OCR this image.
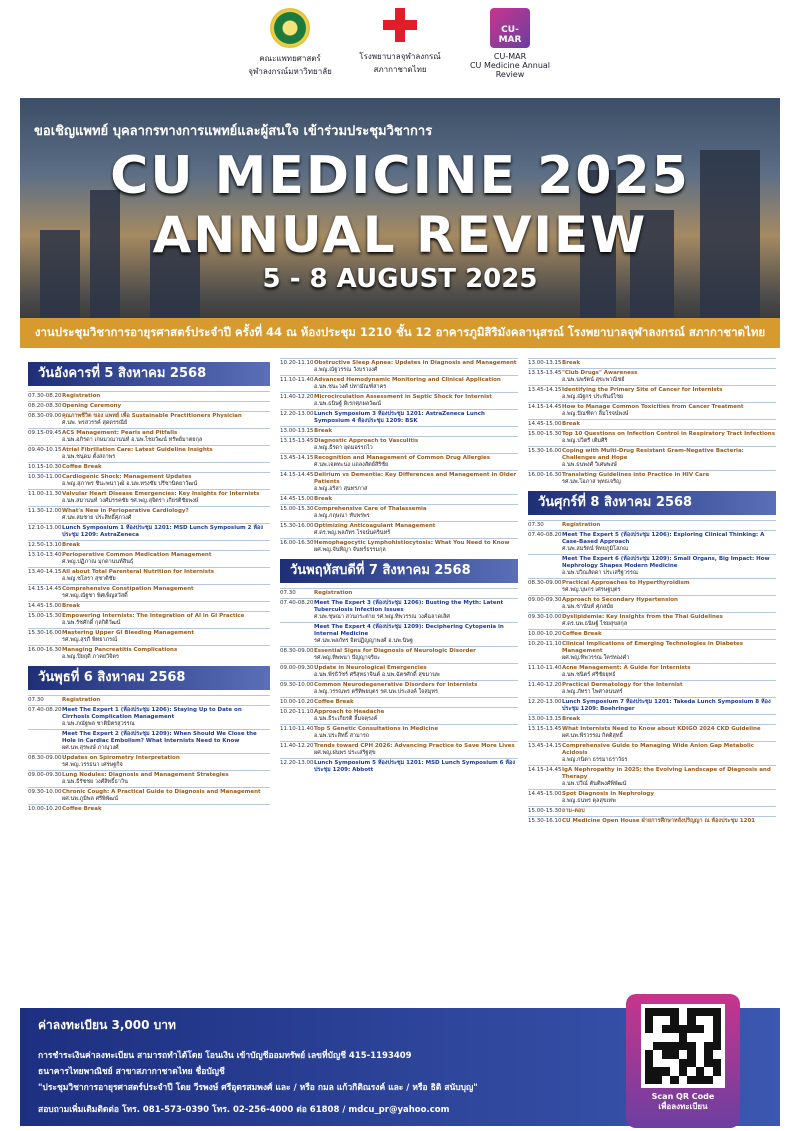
คณะแพทยศาสตร์
จุฬาลงกรณ์มหาวิทยาลัย
โรงพยาบาลจุฬาลงกรณ์
สภากาชาดไทย
CU-MAR
CU-MAR
CU Medicine Annual Review
ขอเชิญแพทย์ บุคลากรทางการแพทย์และผู้สนใจ เข้าร่วมประชุมวิชาการ
CU MEDICINE 2025
ANNUAL REVIEW
5 - 8 AUGUST 2025
งานประชุมวิชาการอายุรศาสตร์ประจำปี ครั้งที่ 44 ณ ห้องประชุม 1210 ชั้น 12 อาคารภูมิสิริมังคลานุสรณ์ โรงพยาบาลจุฬาลงกรณ์ สภากาชาดไทย
วันอังคารที่ 5 สิงหาคม 2568
07.30-08.20 Registration
08.20-08.30 Opening Ceremony
08.30-09.00 คุณภาพชีวิต ของ แพทย์ เพื่อ Sustainable Practitioners Physician
ศ.นพ. พรสวรรค์ สุดดรรณีย์
09.15-09.45 ACS Management: Pearls and Pitfalls
อ.นพ.อภิรดา เกษมวณานนท์ อ.นพ.ไชยวัฒน์ ทรัพย์มาตยกุล
09.40-10.15 Atrial Fibrillation Care: Latest Guideline Insights
อ.นพ.ชนุดม ตั้งสถาพร
10.15-10.30 Coffee Break
10.30-11.00 Cardiogenic Shock: Management Updates
อ.พญ.สุภาพร ชินะพนาวุฒิ อ.นพ.ทรงชัย ปรีชานิตยาวัฒน์
11.00-11.30 Valvular Heart Disease Emergencies: Key Insights for Internists
อ.นพ.สมานนท์ วงศ์มรรคชัย รศ.พญ.สุจิตรา เกียรติชัยพงษ์
11.30-12.00 What's New in Perioperative Cardiology?
ศ.นพ.สมชาย ประสิทธิ์ศุภวงศ์
12.10-13.00 Lunch Symposium 1 ห้องประชุม 1201: MSD Lunch Symposium 2 ห้องประชุม 1209: AstraZeneca
12.50-13.10 Break
13.10-13.40 Perioperative Common Medication Management
ศ.พญ.ปฏิภาณ มุกดานนท์สินธุ์
13.40-14.15 All about Total Parenteral Nutrition for Internists
อ.พญ.ชโลรา สุชาติชัย
14.15-14.45 Comprehensive Constipation Management
รศ.พญ.ณัฐชา พิศเพ็ญสวัสดิ์
14.45-15.00 Break
15.00-15.30 Empowering Internists: The Integration of AI in GI Practice
อ.นพ.รัชศักดิ์ กุลกิติวัฒน์
15.30-16.00 Mastering Upper GI Bleeding Management
รศ.พญ.สุรภี พิทยาภรณ์
16.00-16.30 Managing Pancreatitis Complications
อ.พญ.ปิยฤดี ภาคยวิจิตร
วันพุธที่ 6 สิงหาคม 2568
07.30	Registration
07.40-08.20 Meet The Expert 1 (ห้องประชุม 1206): Staying Up to Date on Cirrhosis Complication Management
อ.นพ.ภณัฐพล ชาติมิตรสุวรรณ
Meet The Expert 2 (ห้องประชุม 1209): When Should We Close the Hole in Cardiac Embolism? What Internists Need to Know
ผศ.นพ.สุรพงษ์ ภาณุวงศ์
08.30-09.00 Updates on Spirometry Interpretation
รศ.พญ.วรรธนา เศรษฐกิจ
09.00-09.30 Lung Nodules: Diagnosis and Management Strategies
อ.นพ.ธีรัชชย วงศ์สิทธิ์ธาวิน
09.30-10.00 Chronic Cough: A Practical Guide to Diagnosis and Management
ผศ.นพ.ภูมิพล ศรีพิพัฒน์
10.00-10.20 Coffee Break
10.20-11.10 Obstructive Sleep Apnea: Updates in Diagnosis and Management
อ.พญ.ณัฐวรรณ วังบรวงงศ์
11.10-11.40 Advanced Hemodynamic Monitoring and Clinical Application
อ.นพ.ชนะวงศ์ ปทามัณฑ์สาคร
11.40-12.20 Microcirculation Assessment in Septic Shock for Internist
อ.นพ.ธนิษฐ์ ดิเรกศุภผลวัฒน์
12.20-13.00 Lunch Symposium 3 ห้องประชุม 1201: AstraZeneca Lunch Symposium 4 ห้องประชุม 1209: BSK
13.00-13.15 Break
13.15-13.45 Diagnostic Approach to Vasculitis
อ.พญ.ธีรดา อุดมอรรถไว
13.45-14.15 Recognition and Management of Common Drug Allergies
ศ.นพ.เจตทะนง แถลงสัตย์สิริชัย
14.15-14.45 Delirium vs Dementia: Key Differences and Management in Older Patients
อ.พญ.อริสา สุนทรภาส
14.45-15.00 Break
15.00-15.30 Comprehensive Care of Thalassemia
อ.พญ.กฤษณา ทับพรพร
15.30-16.00 Optimizing Anticoagulant Management
ศ.ดร.พญ.พลภัทร โรจน์นครินทร์
16.00-16.30 Hemophagocytic Lymphohistiocytosis: What You Need to Know
ผศ.พญ.จันทิญา จันทร์ธรรมกุล
วันพฤหัสบดีที่ 7 สิงหาคม 2568
07.30	Registration
07.40-08.20 Meet The Expert 3 (ห้องประชุม 1206): Busting the Myth: Latent Tuberculosis Infection Issues
ศ.นพ.ชุษณา สวนกระต่าย รศ.พญ.ทิพวรรณ วงศ์ฉลาดเลิศ
Meet The Expert 4 (ห้องประชุม 1209): Deciphering Cytopenia in Internal Medicine
รศ.นพ.พลภัทร จิตปฏิญญาพงศ์ อ.นพ.นิษฐ
08.30-09.00 Essential Signs for Diagnosis of Neurologic Disorder
รศ.พญ.ทิพพนา ปัญญาจริยะ
09.00-09.30 Update in Neurological Emergencies
อ.นพ.พีรธิวัชร์ ศรีสุทธาจินต์ อ.นพ.ฉัตรศักดิ์ สุขมานพ
09.30-10.00 Common Neurodegenerative Disorders for Internists
อ.พญ.วรรณพร ตรีทิพยบุตร รศ.นพ.ประสงค์ ใจสมุทร
10.00-10.20 Coffee Break
10.20-11.10 Approach to Headache
อ.นพ.ธีระเกียรติ ลิ้มจตุรงค์
11.10-11.40 Top 5 Genetic Consultations in Medicine
อ.นพ.ประสิทธิ์ สามารถ
11.40-12.20 Trends toward CPH 2026: Advancing Practice to Save More Lives
ผศ.พญ.ฝนพร ประเสริฐสุข
12.20-13.00 Lunch Symposium 5 ห้องประชุม 1201: MSD Lunch Symposium 6 ห้องประชุม 1209: Abbott
13.00-13.15 Break
13.15-13.45 "Club Drugs" Awareness
อ.นพ.นพรัตน์ สุขะพาณิชย์
13.45-14.15 Identifying the Primary Site of Cancer for Internists
อ.พญ.ณัฐกร ประพันธ์ไชย
14.15-14.45 How to Manage Common Toxicities from Cancer Treatment
อ.พญ.ปัณฑิตา ลิ้มโรจน์พงษ์
14.45-15.00 Break
15.00-15.30 Top 10 Questions on Infection Control in Respiratory Tract Infections
อ.พญ.ปวิตรี เติมศิริ
15.30-16.00 Coping with Multi-Drug Resistant Gram-Negative Bacteria: Challenges and Hope
อ.นพ.ธนพงศ์ วิเศษพงษ์
16.00-16.30 Translating Guidelines into Practice in HIV Care
รศ.นพ.โอภาส พุทธเจริญ
วันศุกร์ที่ 8 สิงหาคม 2568
07.30	Registration
07.40-08.20 Meet The Expert 5 (ห้องประชุม 1206): Exploring Clinical Thinking: A Case-Based Approach
ศ.นพ.สมรัตน์ พิทยภูมิโสภณ
Meet The Expert 6 (ห้องประชุม 1209): Small Organs, Big Impact: How Nephrology Shapes Modern Medicine
อ.นพ.ปวิณลัดดา ประเสริฐวรรณ
08.30-09.00 Practical Approaches to Hyperthyroidism
รศ.พญ.บุษกร เศรษฐบุตร
09.00-09.30 Approach to Secondary Hypertension
อ.นพ.ชานันท์ ศุภสมัย
09.30-10.00 Dyslipidemia: Key Insights from the Thai Guidelines
ศ.ดร.นพ.ธนิษฐ์ ไชยสุขสกุล
10.00-10.20 Coffee Break
10.20-11.10 Clinical Implications of Emerging Technologies in Diabetes Management
ผศ.พญ.ทิพวรรณ ใคร่ทองคำ
11.10-11.40 Acne Management: A Guide for Internists
อ.นพ.ชนิตร์ ศรีชัยยุทธ์
11.40-12.20 Practical Dermatology for the Internist
อ.พญ.ภัทรา ไพศาลนนทร์
12.20-13.00 Lunch Symposium 7 ห้องประชุม 1201: Takeda Lunch Symposium 8 ห้องประชุม 1209: Boehringer
13.00-13.15 Break
13.15-13.45 What Internists Need to Know about KDIGO 2024 CKD Guideline
ผศ.นพ.พีรวรรณ กิตติสุทธิ์
13.45-14.15 Comprehensive Guide to Managing Wide Anion Gap Metabolic Acidosis
อ.พญ.กนิตา ธรรมาธราวัธร
14.15-14.45 IgA Nephropathy in 2025: the Evolving Landscape of Diagnosis and Therapy
อ.นพ.ปวีณ์ ตันติพงศ์พิพัฒน์
14.45-15.00 Spot Diagnosis in Nephrology
อ.พญ.ธนพร ตุลสุขเทพ
15.00-15.30 ถาม-ตอบ
15.30-16.10 CU Medicine Open House ฝ่ายการศึกษาหลังปริญญา ณ ห้องประชุม 1201
ค่าลงทะเบียน 3,000 บาท
การชำระเงินค่าลงทะเบียน สามารถทำได้โดย โอนเงิน เข้าบัญชีออมทรัพย์ เลขที่บัญชี 415-1193409
ธนาคารไทยพาณิชย์ สาขาสภากาชาดไทย ชื่อบัญชี
"ประชุมวิชาการอายุรศาสตร์ประจำปี โดย วีรพงษ์ ศรีอุดรสมพงศ์ และ / หรือ กมล แก้วกิติณรงค์ และ / หรือ ธิติ สนับบุญ"
สอบถามเพิ่มเติมติดต่อ โทร. 081-573-0390 โทร. 02-256-4000 ต่อ 61808 / mdcu_pr@yahoo.com
Scan QR Code
เพื่อลงทะเบียน
